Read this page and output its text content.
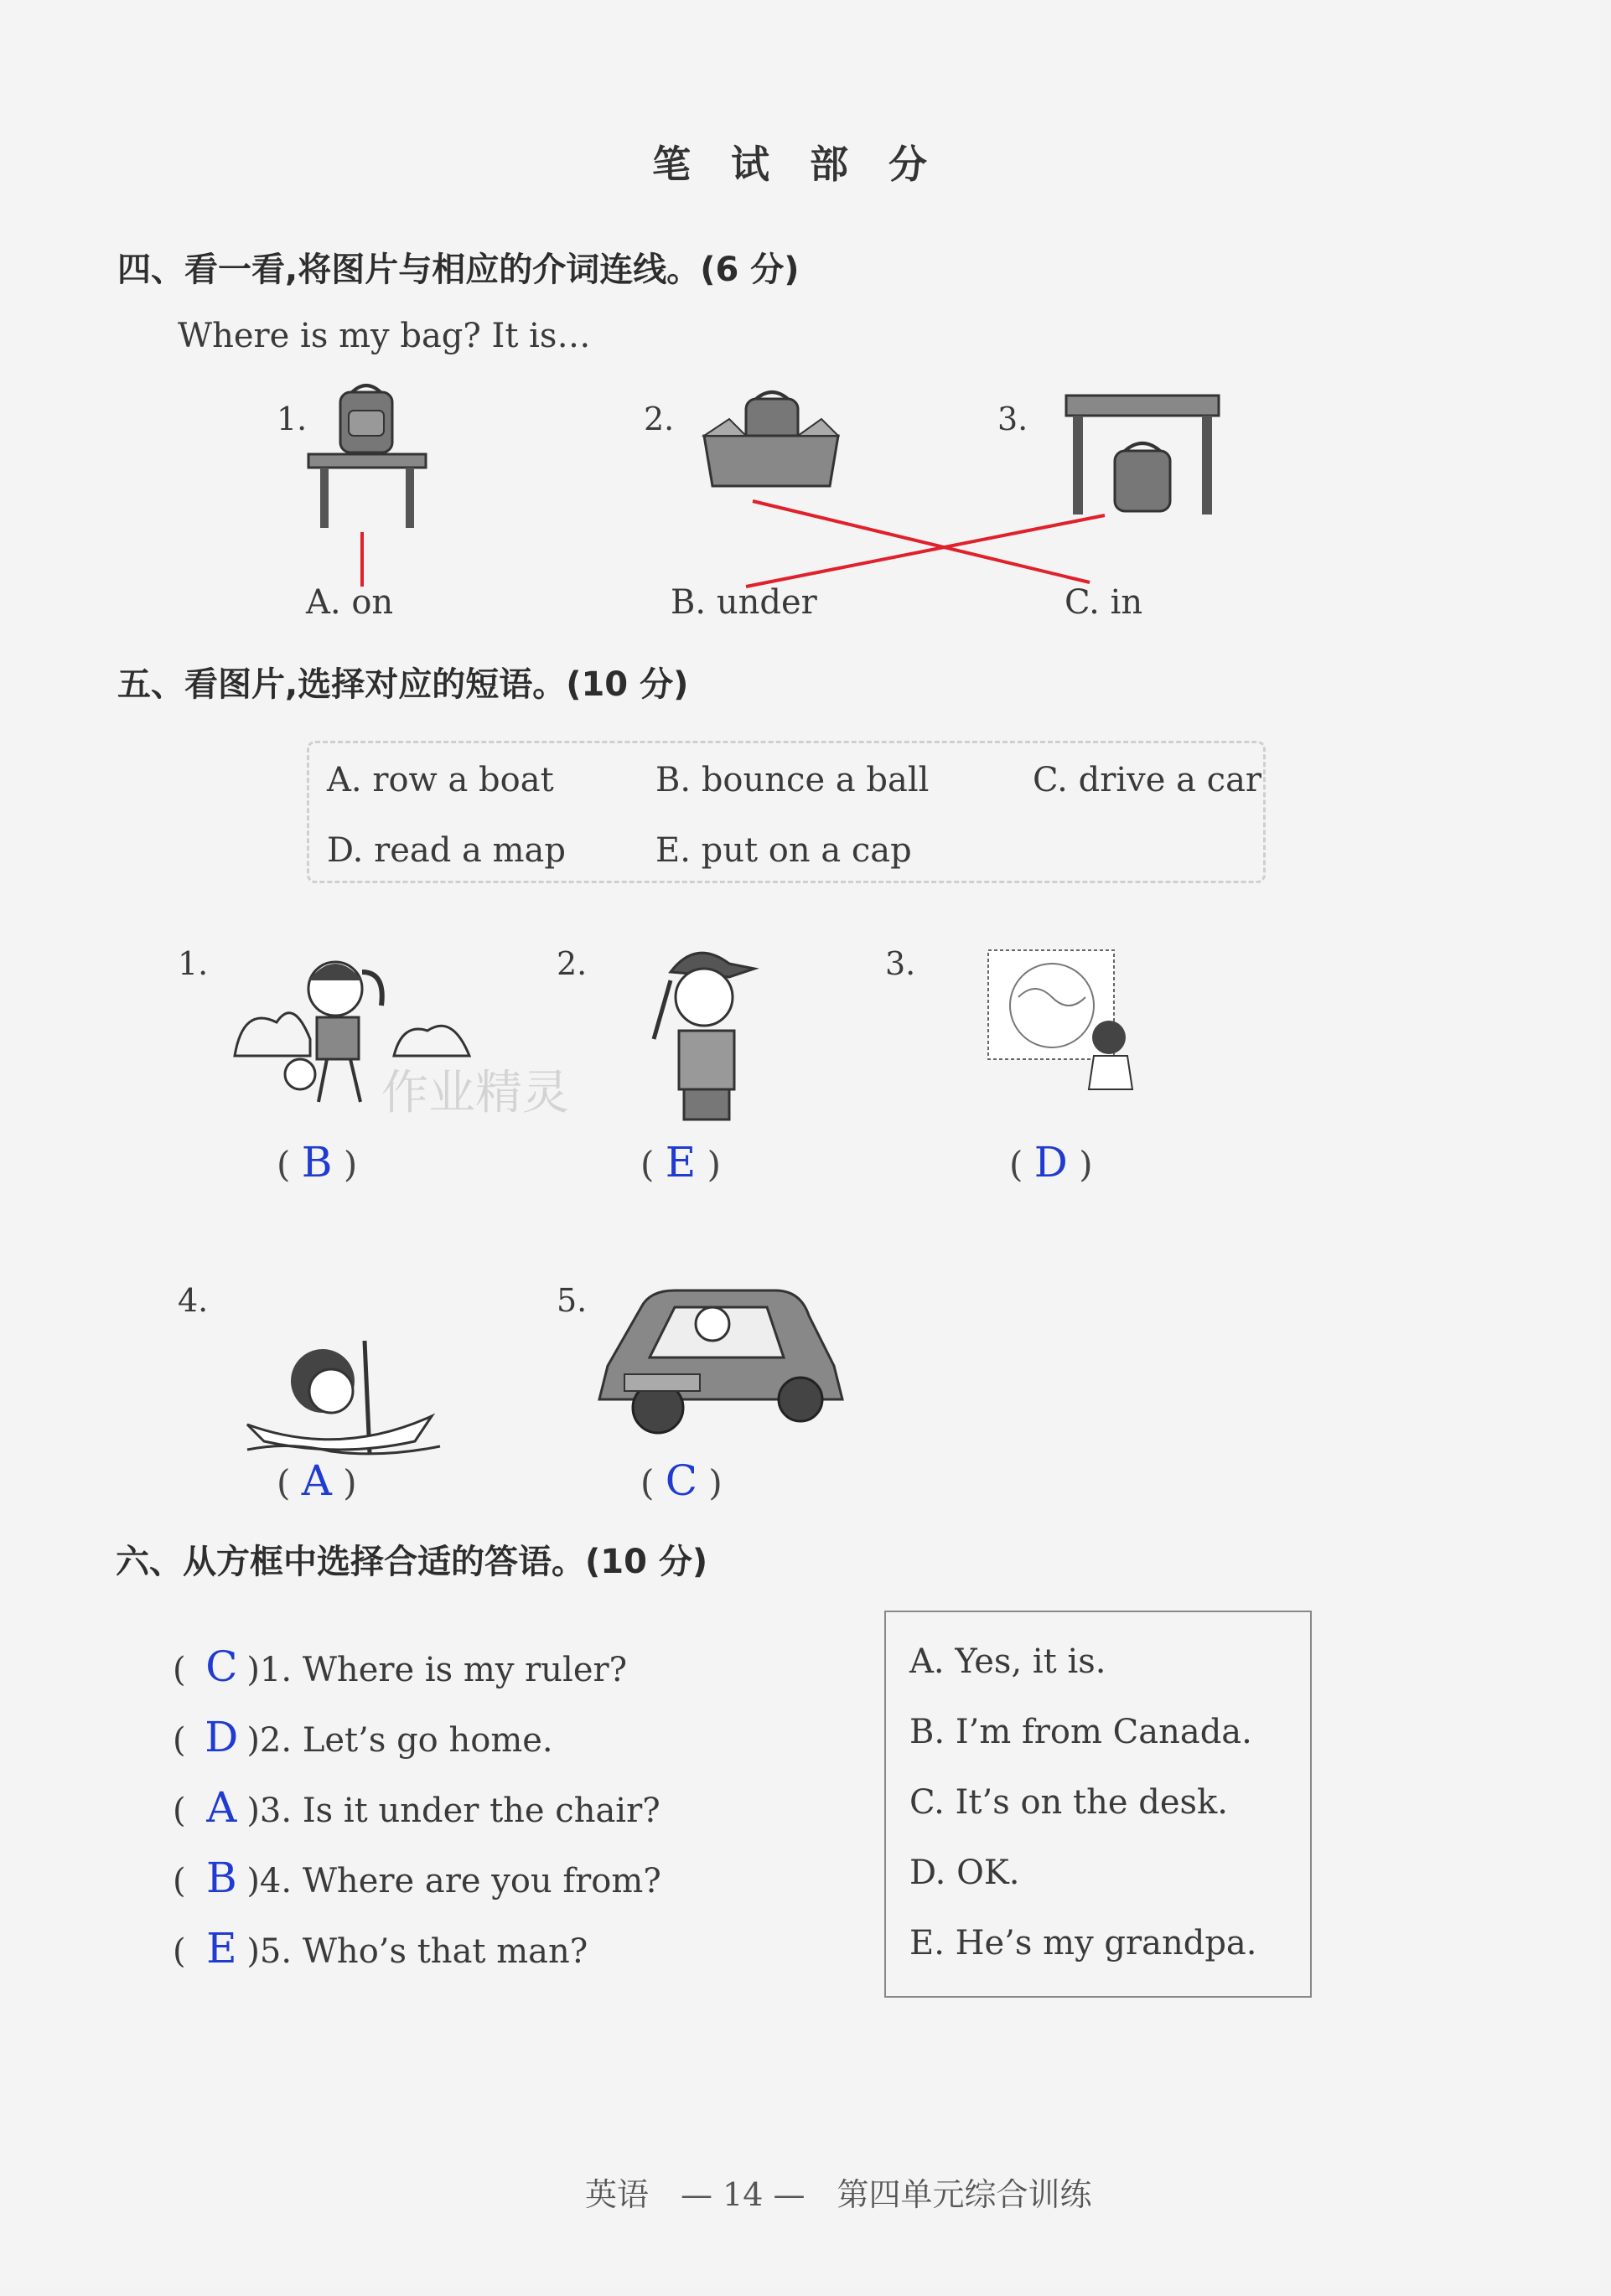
笔 试 部 分
四、看一看,将图片与相应的介词连线。(6 分)
Where is my bag? It is…
1.	2.	3.
A. on	B. under	C. in
五、看图片,选择对应的短语。(10 分)
A. row a boat	B. bounce a ball	C. drive a car
D. read a map	E. put on a cap
1.	2.	3.
4.	5.
作业精灵
( B )	( E )	( D )
( A )	( C )
六、从方框中选择合适的答语。(10 分)
( C )1. Where is my ruler?
( D )2. Let’s go home.
( A )3. Is it under the chair?
( B )4. Where are you from?
( E )5. Who’s that man?
A. Yes, it is.
B. I’m from Canada.
C. It’s on the desk.
D. OK.
E. He’s my grandpa.
英语　— 14 —　第四单元综合训练
